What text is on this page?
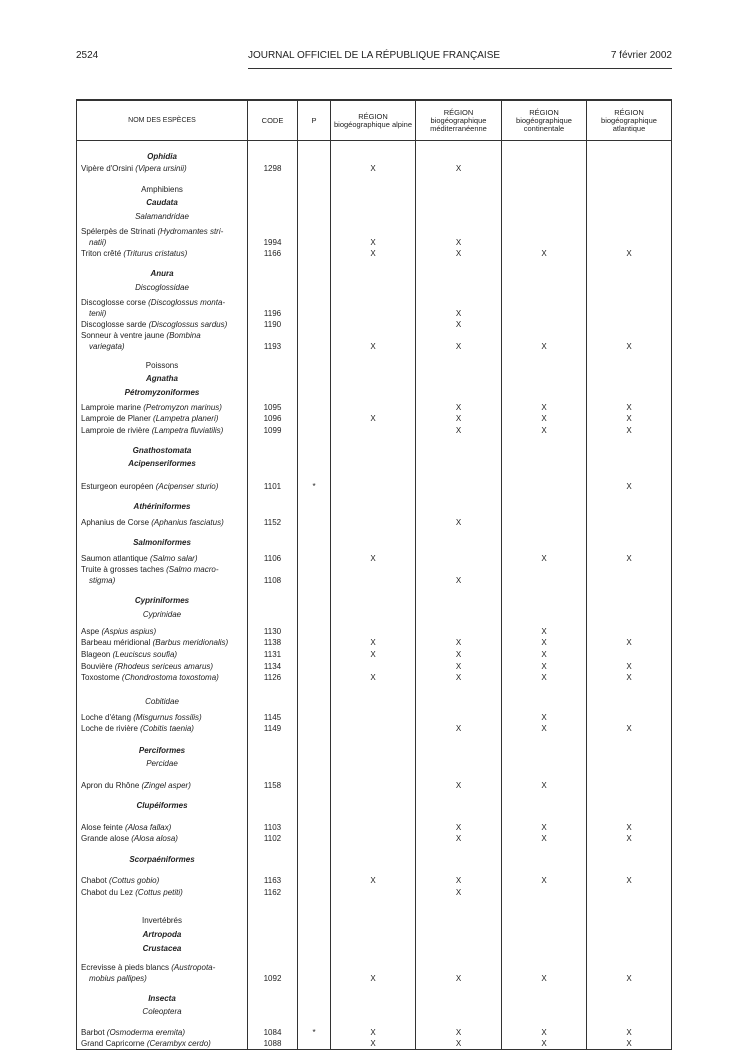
2524	JOURNAL OFFICIEL DE LA RÉPUBLIQUE FRANÇAISE	7 février 2002
NOM DES ESPÈCES	CODE	P	RÉGION biogéographique alpine	RÉGION biogéographique méditerranéenne	RÉGION biogéographique continentale	RÉGION biogéographique atlantique
Ophidia						

Vipère d'Orsini (Vipera ursinii)	1298		X	X		
Amphibiens						
Caudata						
Salamandridae						

Spélerpès de Strinati (Hydromantes stri-
natii)	1994		X	X		

Triton crêté (Triturus cristatus)	1166		X	X	X	X
Anura						
Discoglossidae						

Discoglosse corse (Discoglossus monta-
tenii)	1196			X		

Discoglosse sarde (Discoglossus sardus)	1190			X		

Sonneur à ventre jaune (Bombina
variegata)	1193		X	X	X	X
Poissons						
Agnatha						
Pétromyzoniformes						

Lamproie marine (Petromyzon marinus)	1095			X	X	X

Lamproie de Planer (Lampetra planeri)	1096		X	X	X	X

Lamproie de rivière (Lampetra fluviatilis)	1099			X	X	X
Gnathostomata						
Acipenseriformes						

Esturgeon européen (Acipenser sturio)	1101	*				X
Athériniformes						

Aphanius de Corse (Aphanius fasciatus)	1152			X		
Salmoniformes						

Saumon atlantique (Salmo salar)	1106		X		X	X

Truite à grosses taches (Salmo macro-
stigma)	1108			X		
Cypriniformes						
Cyprinidae						

Aspe (Aspius aspius)	1130				X	

Barbeau méridional (Barbus meridionalis)	1138		X	X	X	X

Blageon (Leuciscus soufia)	1131		X	X	X	

Bouvière (Rhodeus sericeus amarus)	1134			X	X	X

Toxostome (Chondrostoma toxostoma)	1126		X	X	X	X
Cobitidae						

Loche d'étang (Misgurnus fossilis)	1145				X	

Loche de rivière (Cobitis taenia)	1149			X	X	X
Perciformes						
Percidae						

Apron du Rhône (Zingel asper)	1158			X	X	
Clupéiformes						

Alose feinte (Alosa fallax)	1103			X	X	X

Grande alose (Alosa alosa)	1102			X	X	X
Scorpaéniformes						

Chabot (Cottus gobio)	1163		X	X	X	X

Chabot du Lez (Cottus petiti)	1162			X		
Invertébrés						
Artropoda						
Crustacea						

Ecrevisse à pieds blancs (Austropota-
mobius pallipes)	1092		X	X	X	X
Insecta						
Coleoptera						

Barbot (Osmoderma eremita)	1084	*	X	X	X	X

Grand Capricorne (Cerambyx cerdo)	1088		X	X	X	X
